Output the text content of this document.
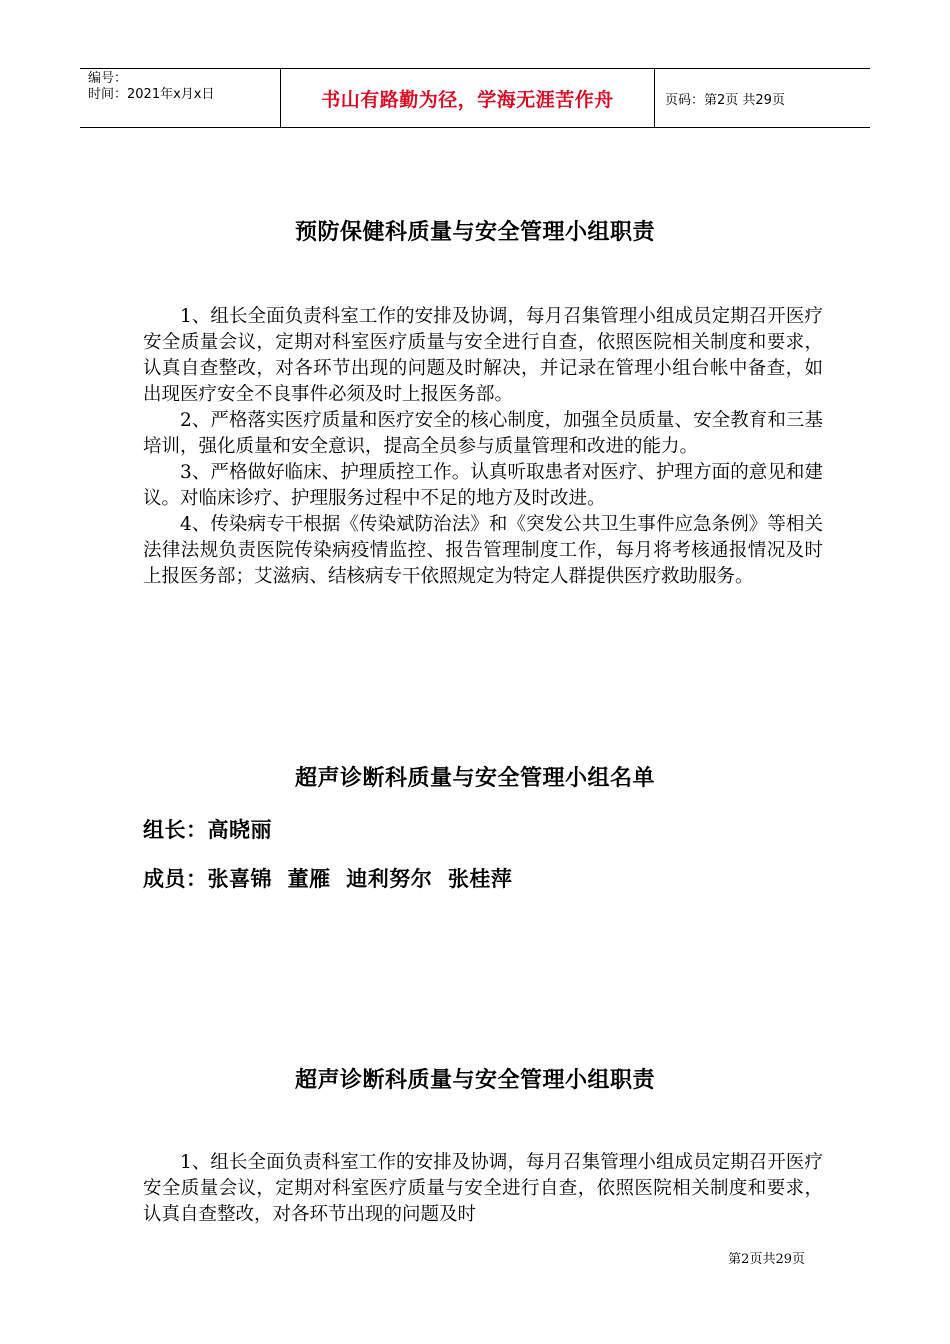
编号：
时间：2021年x月x日	书山有路勤为径，学海无涯苦作舟	页码：第2页 共29页
预防保健科质量与安全管理小组职责

1、组长全面负责科室工作的安排及协调，每月召集管理小组成员定期召开医疗安全质量会议，定期对科室医疗质量与安全进行自查，依照医院相关制度和要求，认真自查整改，对各环节出现的问题及时解决，并记录在管理小组台帐中备查，如出现医疗安全不良事件必须及时上报医务部。

2、严格落实医疗质量和医疗安全的核心制度，加强全员质量、安全教育和三基培训，强化质量和安全意识，提高全员参与质量管理和改进的能力。

3、严格做好临床、护理质控工作。认真听取患者对医疗、护理方面的意见和建议。对临床诊疗、护理服务过程中不足的地方及时改进。

4、传染病专干根据《传染斌防治法》和《突发公共卫生事件应急条例》等相关法律法规负责医院传染病疫情监控、报告管理制度工作，每月将考核通报情况及时上报医务部；艾滋病、结核病专干依照规定为特定人群提供医疗救助服务。

超声诊断科质量与安全管理小组名单
组长：高晓丽
成员：张喜锦  董雁  迪利努尔  张桂萍
超声诊断科质量与安全管理小组职责

1、组长全面负责科室工作的安排及协调，每月召集管理小组成员定期召开医疗安全质量会议，定期对科室医疗质量与安全进行自查，依照医院相关制度和要求，认真自查整改，对各环节出现的问题及时

第2页共29页
